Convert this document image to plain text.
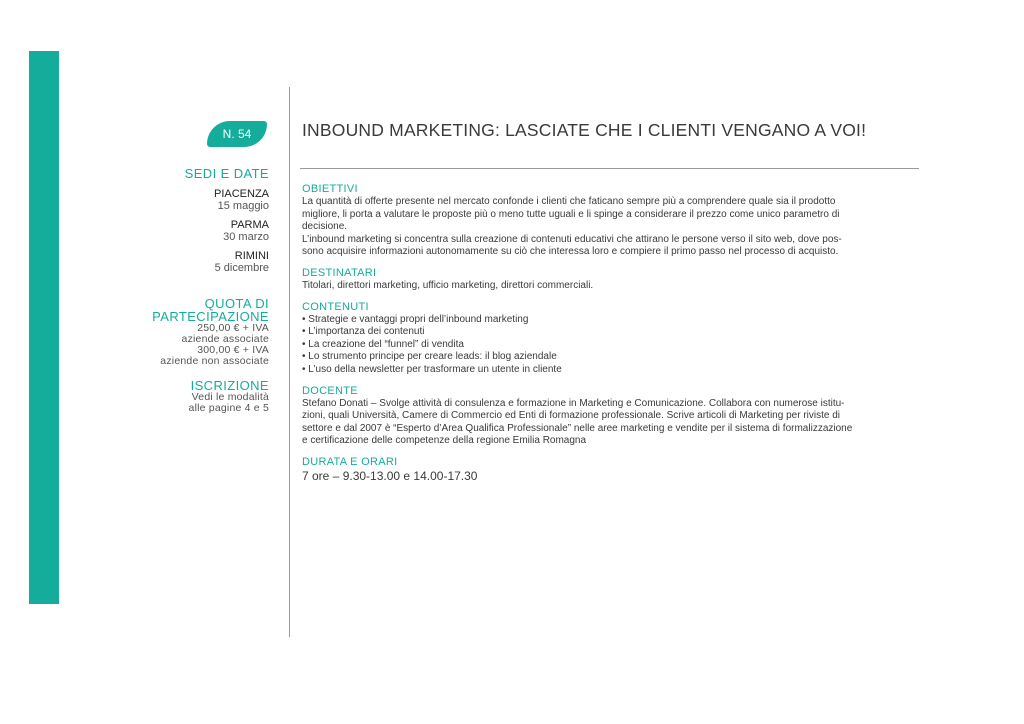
N. 54	INBOUND MARKETING: LASCIATE CHE I CLIENTI VENGANO A VOI!
SEDI E DATE
PIACENZA
15 maggio
PARMA
30 marzo
RIMINI
5 dicembre
QUOTA DI
PARTECIPAZIONE
250,00 € + IVA
aziende associate
300,00 € + IVA
aziende non associate
ISCRIZIONE
Vedi le modalità
alle pagine 4 e 5
OBIETTIVI
La quantità di offerte presente nel mercato confonde i clienti che faticano sempre più a comprendere quale sia il prodotto
migliore, li porta a valutare le proposte più o meno tutte uguali e li spinge a considerare il prezzo come unico parametro di
decisione.
L’inbound marketing si concentra sulla creazione di contenuti educativi che attirano le persone verso il sito web, dove pos-
sono acquisire informazioni autonomamente su ciò che interessa loro e compiere il primo passo nel processo di acquisto.
DESTINATARI
Titolari, direttori marketing, ufficio marketing, direttori commerciali.
CONTENUTI
• Strategie e vantaggi propri dell’inbound marketing
• L’importanza dei contenuti
• La creazione del “funnel” di vendita
• Lo strumento principe per creare leads: il blog aziendale
• L’uso della newsletter per trasformare un utente in cliente
DOCENTE
Stefano Donati – Svolge attività di consulenza e formazione in Marketing e Comunicazione. Collabora con numerose istitu-
zioni, quali Università, Camere di Commercio ed Enti di formazione professionale. Scrive articoli di Marketing per riviste di
settore e dal 2007 è “Esperto d’Area Qualifica Professionale” nelle aree marketing e vendite per il sistema di formalizzazione
e certificazione delle competenze della regione Emilia Romagna
DURATA E ORARI
7 ore – 9.30-13.00 e 14.00-17.30
